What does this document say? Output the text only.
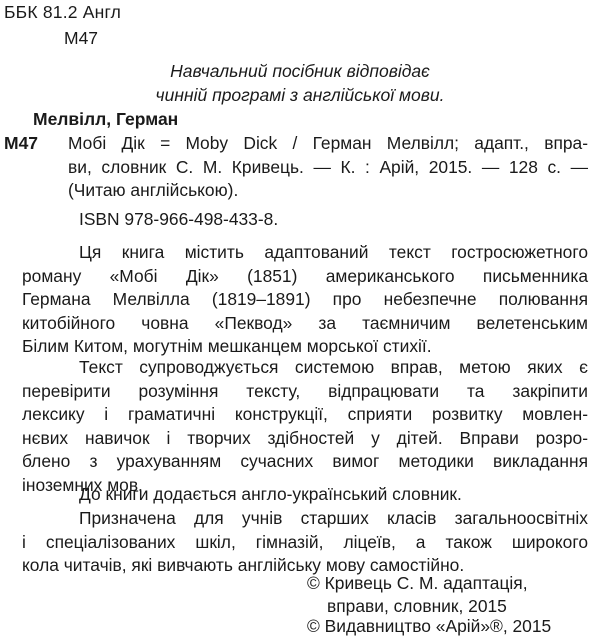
ББК 81.2 Англ
М47
Навчальний посібник відповідає
чинній програмі з англійської мови.
Мелвілл, Герман
М47 Мобі Дік = Moby Dick / Герман Мелвілл; адапт., впра-
ви, словник С. М. Кривець. — К. : Арій, 2015. — 128 с. —
(Читаю англійською).
ISBN 978-966-498-433-8.
Ця книга містить адаптований текст гостросюжетного
роману «Мобі Дік» (1851) американського письменника
Германа Мелвілла (1819–1891) про небезпечне полювання
китобійного човна «Пеквод» за таємничим велетенським
Білим Китом, могутнім мешканцем морської стихії.
Текст супроводжується системою вправ, метою яких є
перевірити розуміння тексту, відпрацювати та закріпити
лексику і граматичні конструкції, сприяти розвитку мовлен-
нєвих навичок і творчих здібностей у дітей. Вправи розро-
блено з урахуванням сучасних вимог методики викладання
іноземних мов.
До книги додається англо-український словник.
Призначена для учнів старших класів загальноосвітніх
і спеціалізованих шкіл, гімназій, ліцеїв, а також широкого
кола читачів, які вивчають англійську мову самостійно.
© Кривець С. М. адаптація,
вправи, словник, 2015
© Видавництво «Арій»®, 2015
